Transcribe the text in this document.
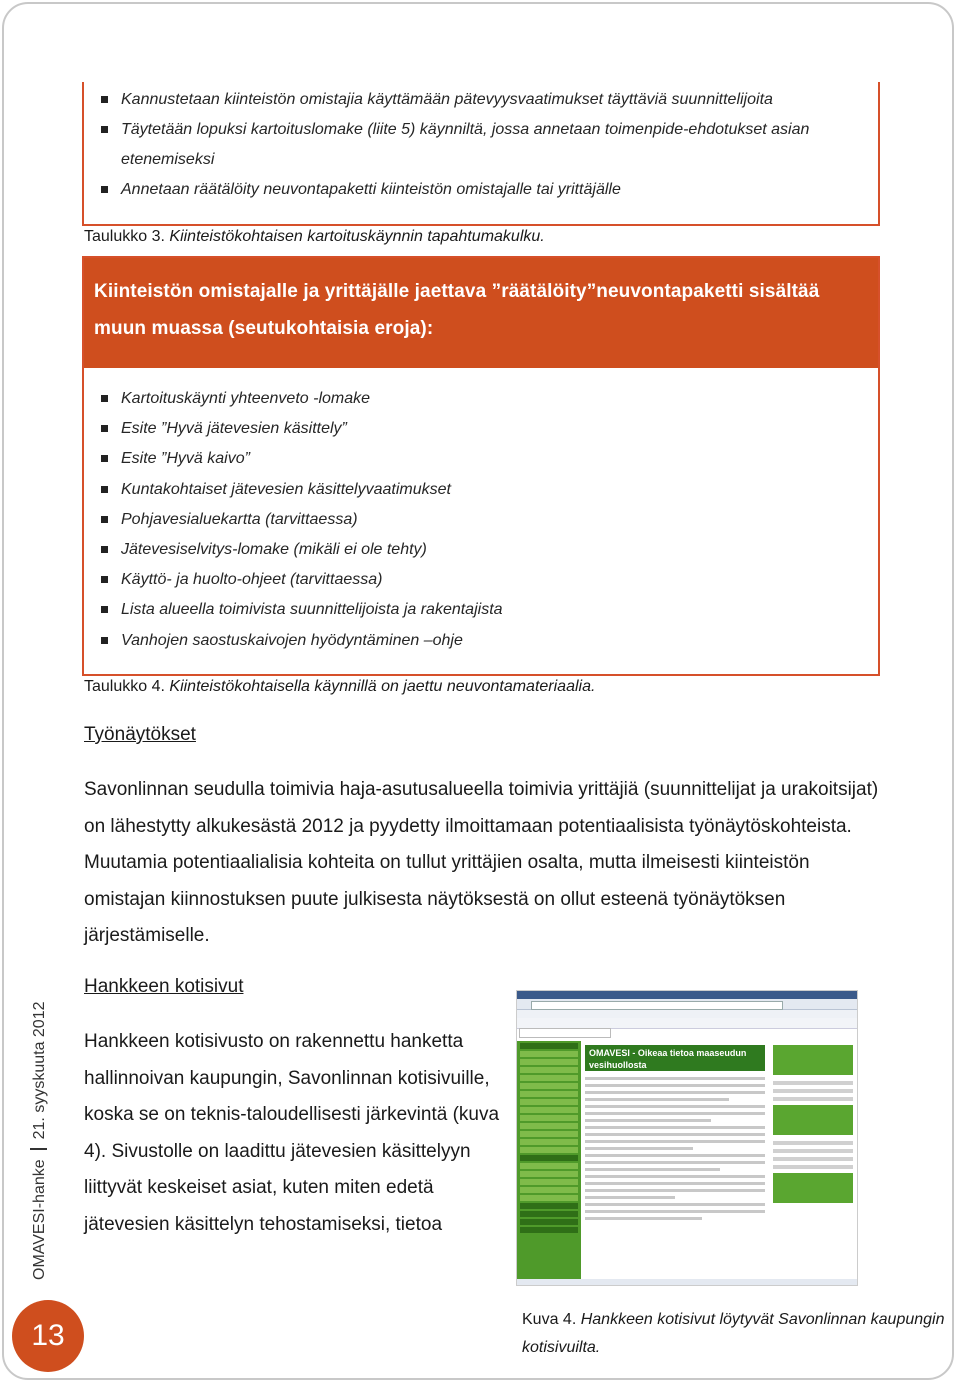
Kannustetaan kiinteistön omistajia käyttämään pätevyysvaatimukset täyttäviä suunnittelijoita
Täytetään lopuksi kartoituslomake (liite 5) käynniltä, jossa annetaan toimenpide-ehdotukset asian etenemiseksi
Annetaan räätälöity neuvontapaketti kiinteistön omistajalle tai yrittäjälle
Taulukko 3. Kiinteistökohtaisen kartoituskäynnin tapahtumakulku.
Kiinteistön omistajalle ja yrittäjälle jaettava ”räätälöity”neuvontapaketti sisältää muun muassa (seutukohtaisia eroja):
Kartoituskäynti yhteenveto -lomake
Esite ”Hyvä jätevesien käsittely”
Esite ”Hyvä kaivo”
Kuntakohtaiset jätevesien käsittelyvaatimukset
Pohjavesialuekartta (tarvittaessa)
Jätevesiselvitys-lomake (mikäli ei ole tehty)
Käyttö- ja huolto-ohjeet (tarvittaessa)
Lista alueella toimivista suunnittelijoista ja rakentajista
Vanhojen saostuskaivojen hyödyntäminen –ohje
Taulukko 4. Kiinteistökohtaisella käynnillä on jaettu neuvontamateriaalia.
Työnäytökset

Savonlinnan seudulla toimivia haja-asutusalueella toimivia yrittäjiä (suunnittelijat ja urakoitsijat) on lähestytty alkukesästä 2012 ja pyydetty ilmoittamaan potentiaalisista työnäytöskohteista. Muutamia potentiaalialisia kohteita on tullut yrittäjien osalta, mutta ilmeisesti kiinteistön omistajan kiinnostuksen puute julkisesta näytöksestä on ollut esteenä työnäytöksen järjestämiselle.

Hankkeen kotisivut

Hankkeen kotisivusto on rakennettu hanketta hallinnoivan kaupungin, Savonlinnan kotisivuille, koska se on teknis-taloudellisesti järkevintä (kuva 4). Sivustolle on laadittu jätevesien käsittelyyn liittyvät keskeiset asiat, kuten miten edetä jätevesien käsittelyn tehostamiseksi, tietoa

OMAVESI - Oikeaa tietoa maaseudun vesihuollosta
Kuva 4. Hankkeen kotisivut löytyvät Savonlinnan kaupungin kotisivuilta.
OMAVESI-hanke21. syyskuuta 2012
13
